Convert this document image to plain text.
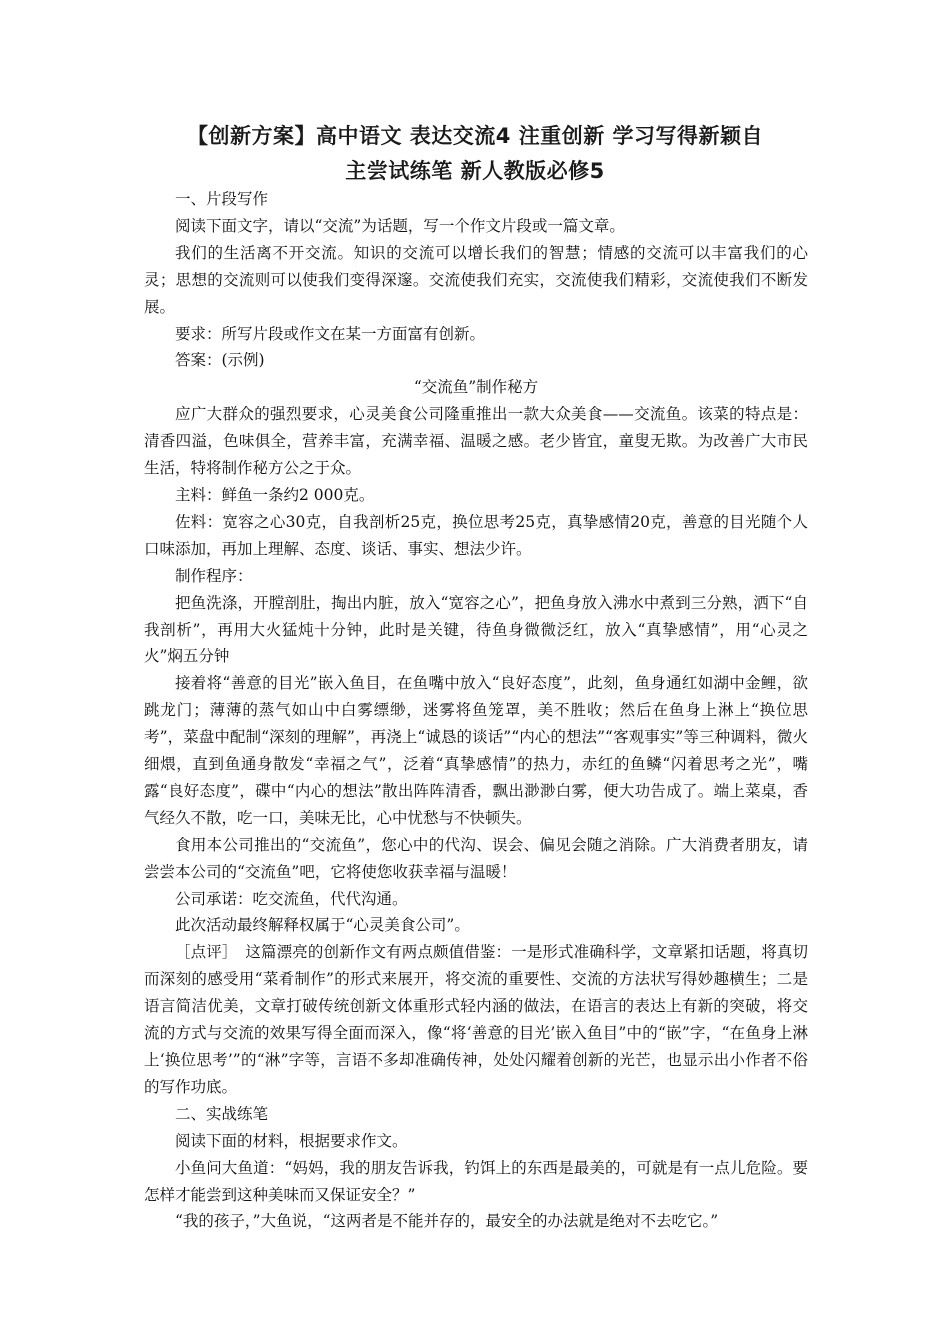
【创新方案】高中语文 表达交流4 注重创新 学习写得新颖自
主尝试练笔 新人教版必修5

一、片段写作

阅读下面文字，请以“交流”为话题，写一个作文片段或一篇文章。

我们的生活离不开交流。知识的交流可以增长我们的智慧；情感的交流可以丰富我们的心灵；思想的交流则可以使我们变得深邃。交流使我们充实，交流使我们精彩，交流使我们不断发展。

要求：所写片段或作文在某一方面富有创新。

答案：(示例)

“交流鱼”制作秘方

应广大群众的强烈要求，心灵美食公司隆重推出一款大众美食——交流鱼。该菜的特点是：清香四溢，色味俱全，营养丰富，充满幸福、温暖之感。老少皆宜，童叟无欺。为改善广大市民生活，特将制作秘方公之于众。

主料：鲜鱼一条约2 000克。

佐料：宽容之心30克，自我剖析25克，换位思考25克，真挚感情20克，善意的目光随个人口味添加，再加上理解、态度、谈话、事实、想法少许。

制作程序：

把鱼洗涤，开膛剖肚，掏出内脏，放入“宽容之心”，把鱼身放入沸水中煮到三分熟，洒下“自我剖析”，再用大火猛炖十分钟，此时是关键，待鱼身微微泛红，放入“真挚感情”，用“心灵之火”焖五分钟

接着将“善意的目光”嵌入鱼目，在鱼嘴中放入“良好态度”，此刻，鱼身通红如湖中金鲤，欲跳龙门；薄薄的蒸气如山中白雾缥缈，迷雾将鱼笼罩，美不胜收；然后在鱼身上淋上“换位思考”，菜盘中配制“深刻的理解”，再浇上“诚恳的谈话”“内心的想法”“客观事实”等三种调料，微火细煨，直到鱼通身散发“幸福之气”，泛着“真挚感情”的热力，赤红的鱼鳞“闪着思考之光”，嘴露“良好态度”，碟中“内心的想法”散出阵阵清香，飘出渺渺白雾，便大功告成了。端上菜桌，香气经久不散，吃一口，美味无比，心中忧愁与不快顿失。

食用本公司推出的“交流鱼”，您心中的代沟、误会、偏见会随之消除。广大消费者朋友，请尝尝本公司的“交流鱼”吧，它将使您收获幸福与温暖！

公司承诺：吃交流鱼，代代沟通。

此次活动最终解释权属于“心灵美食公司”。

［点评］　这篇漂亮的创新作文有两点颇值借鉴：一是形式准确科学，文章紧扣话题，将真切而深刻的感受用“菜肴制作”的形式来展开，将交流的重要性、交流的方法状写得妙趣横生；二是语言简洁优美，文章打破传统创新文体重形式轻内涵的做法，在语言的表达上有新的突破，将交流的方式与交流的效果写得全面而深入，像“将‘善意的目光’嵌入鱼目”中的“嵌”字，“在鱼身上淋上‘换位思考’”的“淋”字等，言语不多却准确传神，处处闪耀着创新的光芒，也显示出小作者不俗的写作功底。

二、实战练笔

阅读下面的材料，根据要求作文。

小鱼问大鱼道：“妈妈，我的朋友告诉我，钓饵上的东西是最美的，可就是有一点儿危险。要怎样才能尝到这种美味而又保证安全？”

“我的孩子，”大鱼说，“这两者是不能并存的，最安全的办法就是绝对不去吃它。”
